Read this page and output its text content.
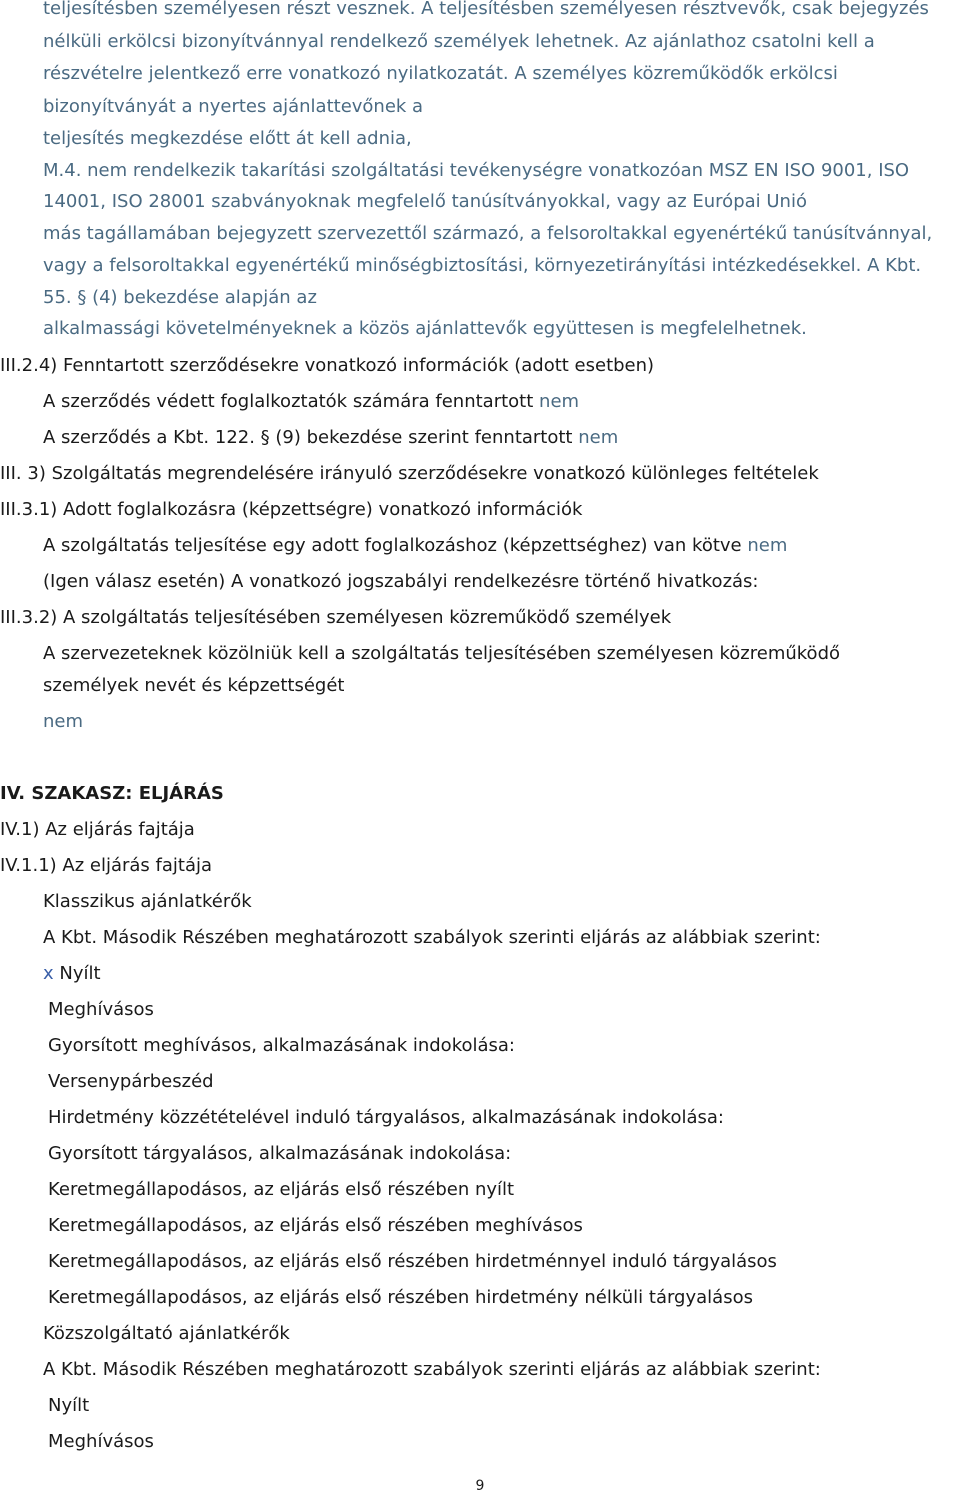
teljesítésben személyesen részt vesznek. A teljesítésben személyesen résztvevők, csak bejegyzés
nélküli erkölcsi bizonyítvánnyal rendelkező személyek lehetnek. Az ajánlathoz csatolni kell a
részvételre jelentkező erre vonatkozó nyilatkozatát. A személyes közreműködők erkölcsi
bizonyítványát a nyertes ajánlattevőnek a
teljesítés megkezdése előtt át kell adnia,
M.4. nem rendelkezik takarítási szolgáltatási tevékenységre vonatkozóan MSZ EN ISO 9001, ISO
14001, ISO 28001 szabványoknak megfelelő tanúsítványokkal, vagy az Európai Unió
más tagállamában bejegyzett szervezettől származó, a felsoroltakkal egyenértékű tanúsítvánnyal,
vagy a felsoroltakkal egyenértékű minőségbiztosítási, környezetirányítási intézkedésekkel. A Kbt.
55. § (4) bekezdése alapján az
alkalmassági követelményeknek a közös ajánlattevők együttesen is megfelelhetnek.
III.2.4) Fenntartott szerződésekre vonatkozó információk (adott esetben)
A szerződés védett foglalkoztatók számára fenntartott nem
A szerződés a Kbt. 122. § (9) bekezdése szerint fenntartott nem
III. 3) Szolgáltatás megrendelésére irányuló szerződésekre vonatkozó különleges feltételek
III.3.1) Adott foglalkozásra (képzettségre) vonatkozó információk
A szolgáltatás teljesítése egy adott foglalkozáshoz (képzettséghez) van kötve nem
(Igen válasz esetén) A vonatkozó jogszabályi rendelkezésre történő hivatkozás:
III.3.2) A szolgáltatás teljesítésében személyesen közreműködő személyek
A szervezeteknek közölniük kell a szolgáltatás teljesítésében személyesen közreműködő
személyek nevét és képzettségét
nem
IV. SZAKASZ: ELJÁRÁS
IV.1) Az eljárás fajtája
IV.1.1) Az eljárás fajtája
Klasszikus ajánlatkérők
A Kbt. Második Részében meghatározott szabályok szerinti eljárás az alábbiak szerint:
x Nyílt
Meghívásos
Gyorsított meghívásos, alkalmazásának indokolása:
Versenypárbeszéd
Hirdetmény közzétételével induló tárgyalásos, alkalmazásának indokolása:
Gyorsított tárgyalásos, alkalmazásának indokolása:
Keretmegállapodásos, az eljárás első részében nyílt
Keretmegállapodásos, az eljárás első részében meghívásos
Keretmegállapodásos, az eljárás első részében hirdetménnyel induló tárgyalásos
Keretmegállapodásos, az eljárás első részében hirdetmény nélküli tárgyalásos
Közszolgáltató ajánlatkérők
A Kbt. Második Részében meghatározott szabályok szerinti eljárás az alábbiak szerint:
Nyílt
Meghívásos
9
